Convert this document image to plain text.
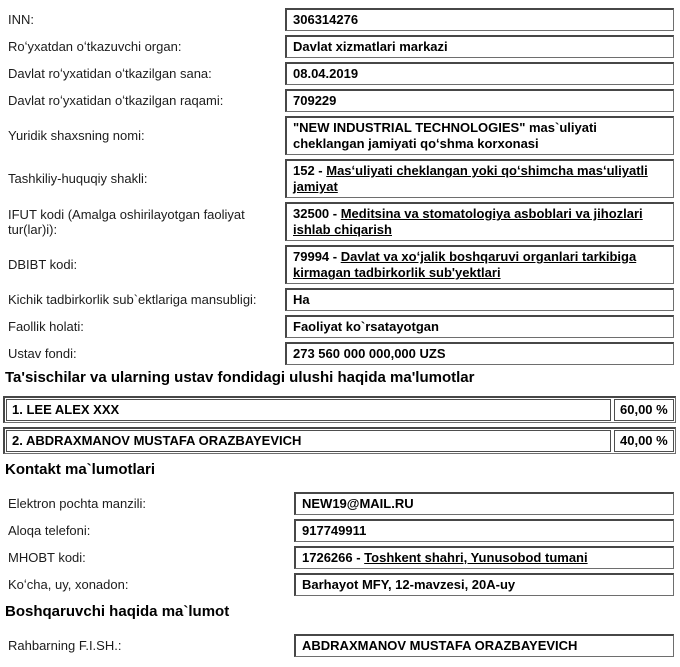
INN:	306314276
Roʻyxatdan oʻtkazuvchi organ:	Davlat xizmatlari markazi
Davlat roʻyxatidan oʻtkazilgan sana:	08.04.2019
Davlat roʻyxatidan oʻtkazilgan raqami:	709229
Yuridik shaxsning nomi:
"NEW INDUSTRIAL TECHNOLOGIES" mas`uliyati cheklangan jamiyati qoʻshma korxonasi
Tashkiliy-huquqiy shakli:
152 - Masʻuliyati cheklangan yoki qoʻshimcha masʻuliyatli jamiyat
IFUT kodi (Amalga oshirilayotgan faoliyat tur(lar)i):
32500 - Meditsina va stomatologiya asboblari va jihozlari ishlab chiqarish
DBIBT kodi:
79994 - Davlat va xoʻjalik boshqaruvi organlari tarkibiga kirmagan tadbirkorlik sub'yektlari
Kichik tadbirkorlik sub`ektlariga mansubligi:	Ha
Faollik holati:	Faoliyat ko`rsatayotgan
Ustav fondi:	273 560 000 000,000 UZS
Ta'sischilar va ularning ustav fondidagi ulushi haqida ma'lumotlar
1. LEE ALEX XXX	60,00 %
2. ABDRAXMANOV MUSTAFA ORAZBAYEVICH	40,00 %
Kontakt ma`lumotlari
Elektron pochta manzili:	NEW19@MAIL.RU
Aloqa telefoni:	917749911
MHOBT kodi:	1726266 - Toshkent shahri, Yunusobod tumani
Koʻcha, uy, xonadon:	Barhayot MFY, 12-mavzesi, 20A-uy
Boshqaruvchi haqida ma`lumot
Rahbarning F.I.SH.:	ABDRAXMANOV MUSTAFA ORAZBAYEVICH
